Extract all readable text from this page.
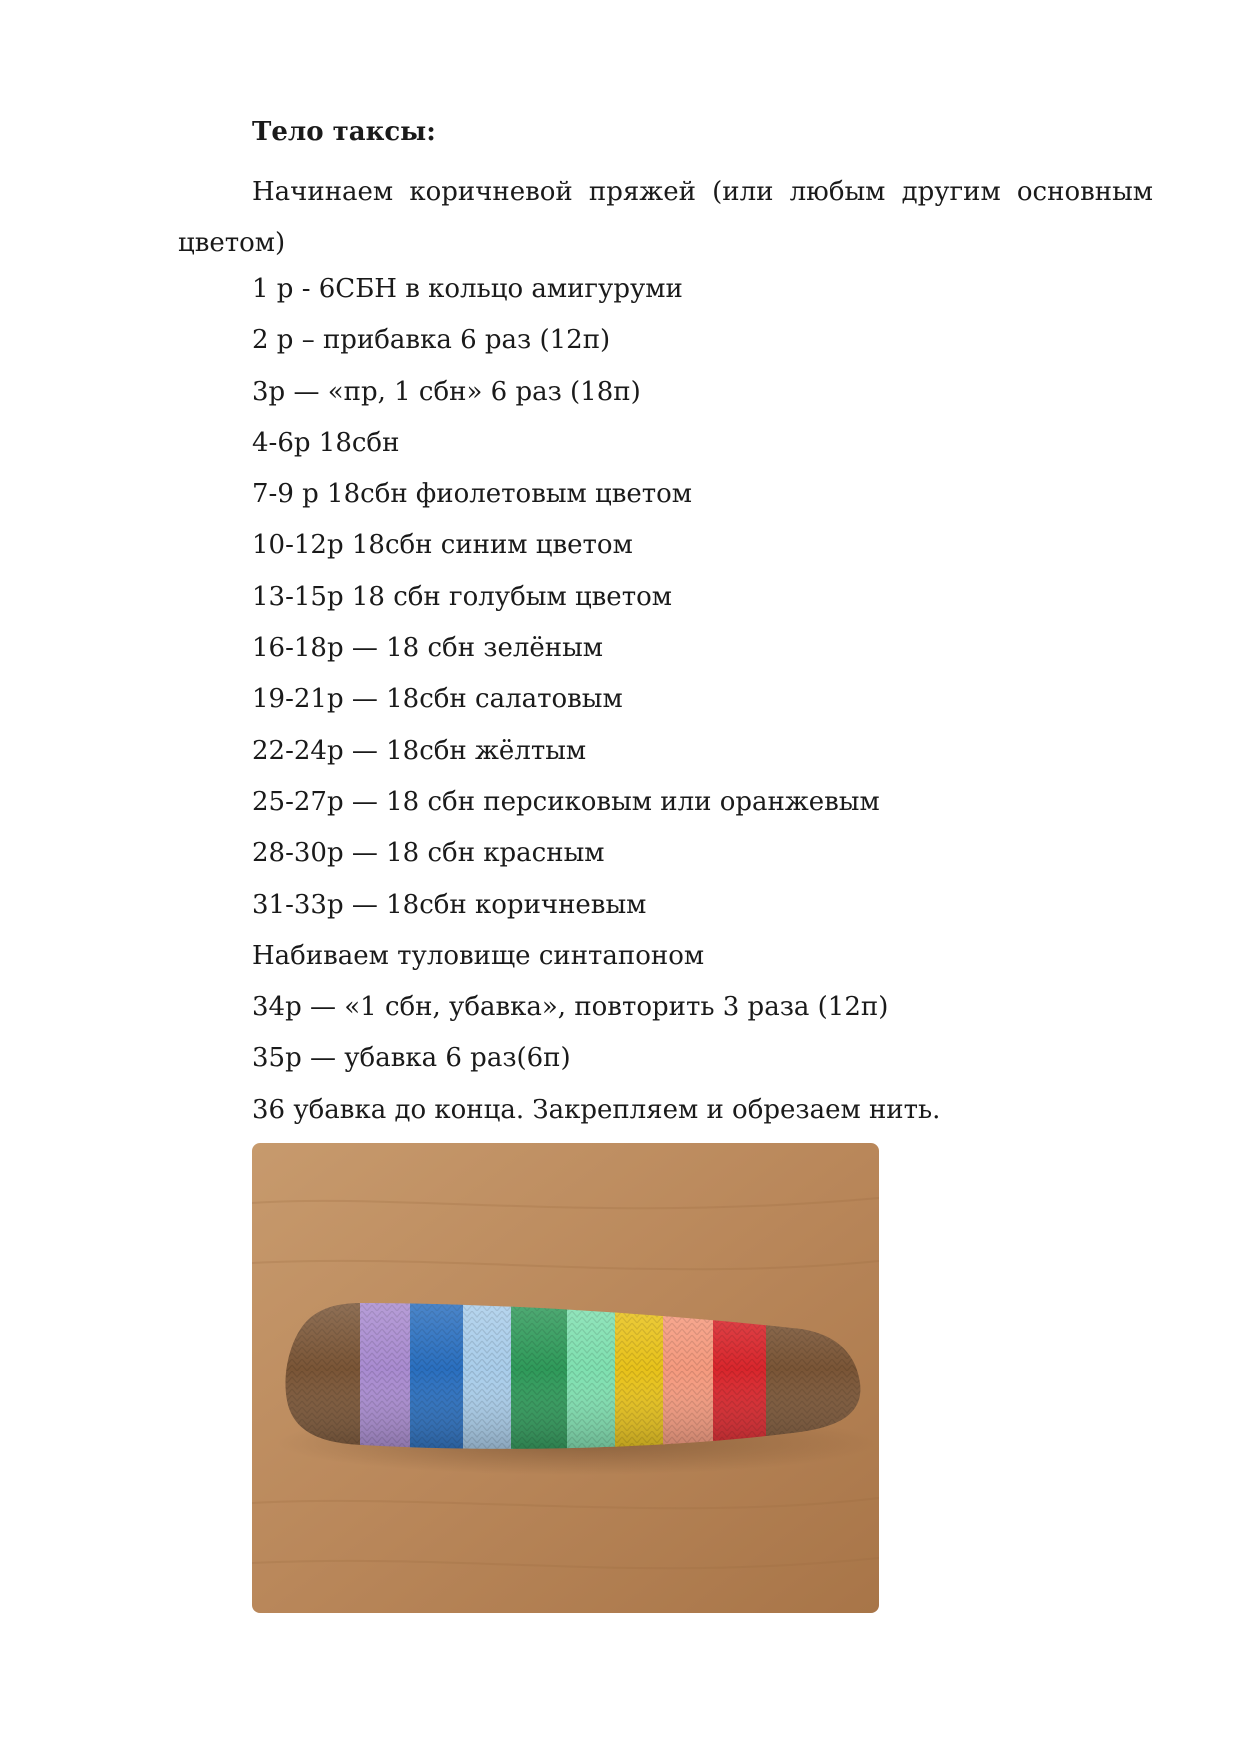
Тело таксы:

Начинаем коричневой пряжей (или любым другим основным цветом)

1 р - 6СБН в кольцо амигуруми
2 р – прибавка 6 раз (12п)
3р — «пр, 1 сбн» 6 раз (18п)
4-6р 18сбн
7-9 р 18сбн фиолетовым цветом
10-12р 18сбн синим цветом
13-15р 18 сбн голубым цветом
16-18р — 18 сбн зелёным
19-21р — 18сбн салатовым
22-24р — 18сбн жёлтым
25-27р — 18 сбн персиковым или оранжевым
28-30р — 18 сбн красным
31-33р — 18сбн коричневым
Набиваем туловище синтапоном
34р — «1 сбн, убавка», повторить 3 раза (12п)
35р — убавка 6 раз(6п)
36 убавка до конца. Закрепляем и обрезаем нить.
